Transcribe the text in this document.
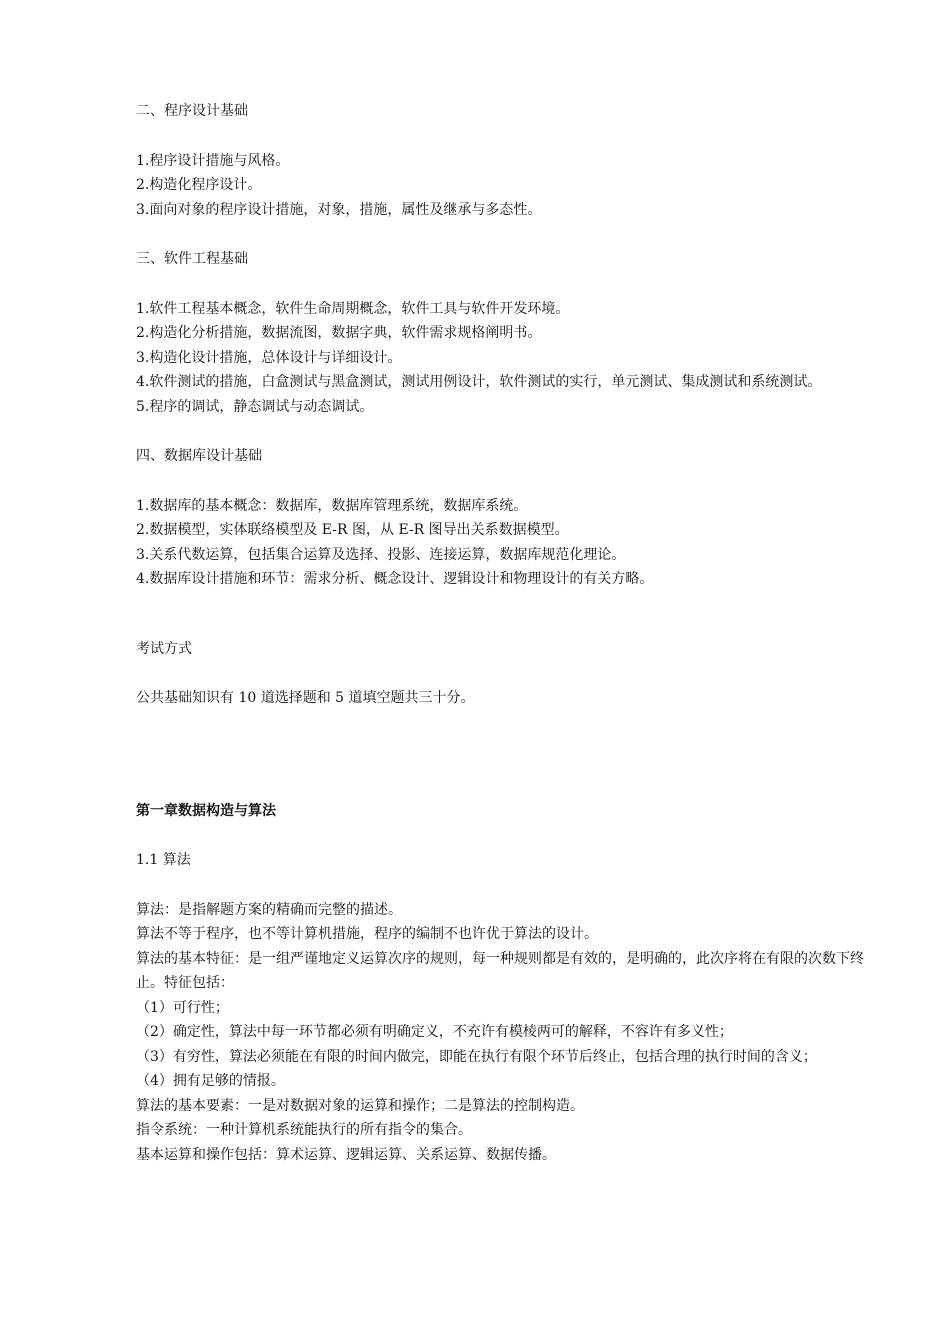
二、程序设计基础

1.程序设计措施与风格。

2.构造化程序设计。

3.面向对象的程序设计措施，对象，措施，属性及继承与多态性。

三、软件工程基础

1.软件工程基本概念，软件生命周期概念，软件工具与软件开发环境。

2.构造化分析措施，数据流图，数据字典，软件需求规格阐明书。

3.构造化设计措施，总体设计与详细设计。

4.软件测试的措施，白盒测试与黑盒测试，测试用例设计，软件测试的实行，单元测试、集成测试和系统测试。

5.程序的调试，静态调试与动态调试。

四、数据库设计基础

1.数据库的基本概念：数据库，数据库管理系统，数据库系统。

2.数据模型，实体联络模型及 E-R 图，从 E-R 图导出关系数据模型。

3.关系代数运算，包括集合运算及选择、投影、连接运算，数据库规范化理论。

4.数据库设计措施和环节：需求分析、概念设计、逻辑设计和物理设计的有关方略。

考试方式

公共基础知识有 10 道选择题和 5 道填空题共三十分。

第一章数据构造与算法

1.1 算法

算法：是指解题方案的精确而完整的描述。

算法不等于程序，也不等计算机措施，程序的编制不也许优于算法的设计。

算法的基本特征：是一组严谨地定义运算次序的规则，每一种规则都是有效的，是明确的，此次序将在有限的次数下终止。特征包括：

（1）可行性；

（2）确定性，算法中每一环节都必须有明确定义，不充许有模棱两可的解释，不容许有多义性；

（3）有穷性，算法必须能在有限的时间内做完，即能在执行有限个环节后终止，包括合理的执行时间的含义；

（4）拥有足够的情报。

算法的基本要素：一是对数据对象的运算和操作；二是算法的控制构造。

指令系统：一种计算机系统能执行的所有指令的集合。

基本运算和操作包括：算术运算、逻辑运算、关系运算、数据传播。
